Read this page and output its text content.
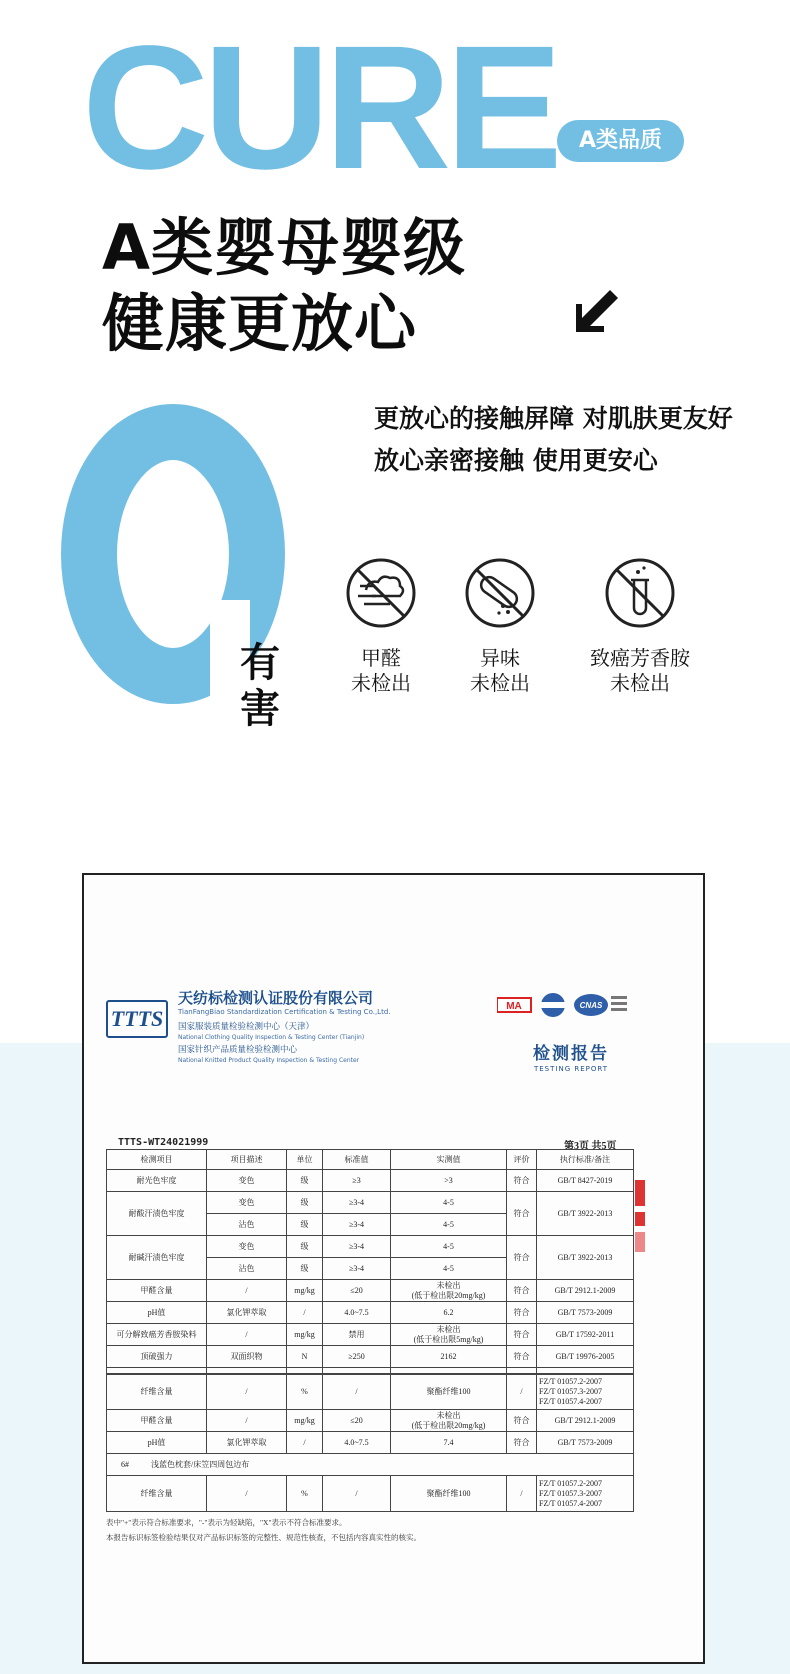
CURE	A类品质
A类婴母婴级
健康更放心
有害
更放心的接触屏障 对肌肤更友好 放心亲密接触 使用更安心
甲醛
未检出
异味
未检出
致癌芳香胺
未检出
TTTS
天纺标检测认证股份有限公司
TianFangBiao Standardization Certification & Testing Co.,Ltd.
国家服装质量检验检测中心（天津）
National Clothing Quality Inspection & Testing Center (Tianjin)
国家针织产品质量检验检测中心
National Knitted Product Quality Inspection & Testing Center
MA	CNAS
检测报告
TESTING REPORT
TTTS-WT24021999	第3页 共5页
检测项目	项目描述	单位	标准值	实测值	评价	执行标准/备注
耐光色牢度	变色	级	≥3	>3	符合	GB/T 8427-2019
耐酸汗渍色牢度	变色	级	≥3-4	4-5	符合	GB/T 3922-2013
	沾色	级	≥3-4	4-5		
耐碱汗渍色牢度	变色	级	≥3-4	4-5	符合	GB/T 3922-2013
	沾色	级	≥3-4	4-5		
甲醛含量	/	mg/kg	≤20	未检出
(低于检出限20mg/kg)	符合	GB/T 2912.1-2009
pH值	氯化钾萃取	/	4.0~7.5	6.2	符合	GB/T 7573-2009
可分解致癌芳香胺染料	/	mg/kg	禁用	未检出
(低于检出限5mg/kg)	符合	GB/T 17592-2011
顶破强力	双面织物	N	≥250	2162	符合	GB/T 19976-2005

纤维含量	/	%	/	聚酯纤维100	/	FZ/T 01057.2-2007
FZ/T 01057.3-2007
FZ/T 01057.4-2007

甲醛含量	/	mg/kg	≤20	未检出
(低于检出限20mg/kg)	符合	GB/T 2912.1-2009
pH值	氯化钾萃取	/	4.0~7.5	7.4	符合	GB/T 7573-2009
6# 浅蓝色枕套/床笠四周包边布						
纤维含量	/	%	/	聚酯纤维100	/	FZ/T 01057.2-2007
FZ/T 01057.3-2007
FZ/T 01057.4-2007
表中"+"表示符合标准要求，"-"表示为轻缺陷，"X"表示不符合标准要求。
本报告标识标签检验结果仅对产品标识标签的完整性、规范性核查，不包括内容真实性的核实。
